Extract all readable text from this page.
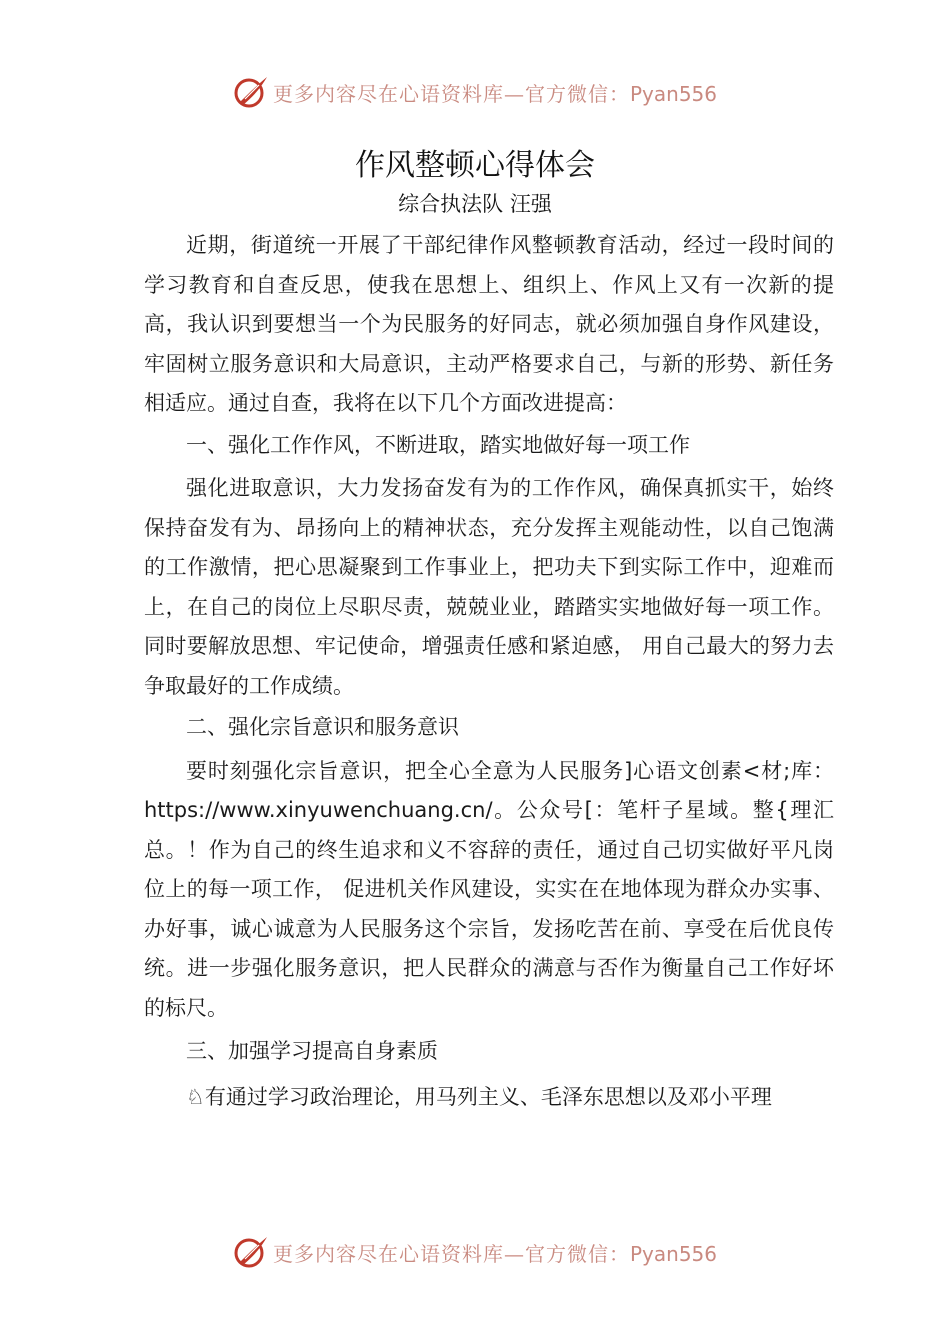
更多内容尽在心语资料库—官方微信：Pyan556
作风整顿心得体会
综合执法队 汪强

近期，街道统一开展了干部纪律作风整顿教育活动，经过一段时间的学习教育和自查反思，使我在思想上、组织上、作风上又有一次新的提高，我认识到要想当一个为民服务的好同志，就必须加强自身作风建设，牢固树立服务意识和大局意识，主动严格要求自己，与新的形势、新任务相适应。通过自查，我将在以下几个方面改进提高：

一、强化工作作风，不断进取，踏实地做好每一项工作

强化进取意识，大力发扬奋发有为的工作作风，确保真抓实干，始终保持奋发有为、昂扬向上的精神状态，充分发挥主观能动性，以自己饱满的工作激情，把心思凝聚到工作事业上，把功夫下到实际工作中，迎难而上，在自己的岗位上尽职尽责，兢兢业业，踏踏实实地做好每一项工作。同时要解放思想、牢记使命，增强责任感和紧迫感， 用自己最大的努力去争取最好的工作成绩。

二、强化宗旨意识和服务意识

要时刻强化宗旨意识，把全心全意为人民服务]心语文创素<材;库：https://www.xinyuwenchuang.cn/。公众号[：笔杆子星域。整{理汇总。！作为自己的终生追求和义不容辞的责任，通过自己切实做好平凡岗位上的每一项工作， 促进机关作风建设，实实在在地体现为群众办实事、办好事，诚心诚意为人民服务这个宗旨，发扬吃苦在前、享受在后优良传统。进一步强化服务意识，把人民群众的满意与否作为衡量自己工作好坏的标尺。

三、加强学习提高自身素质

♘有通过学习政治理论，用马列主义、毛泽东思想以及邓小平理

更多内容尽在心语资料库—官方微信：Pyan556
